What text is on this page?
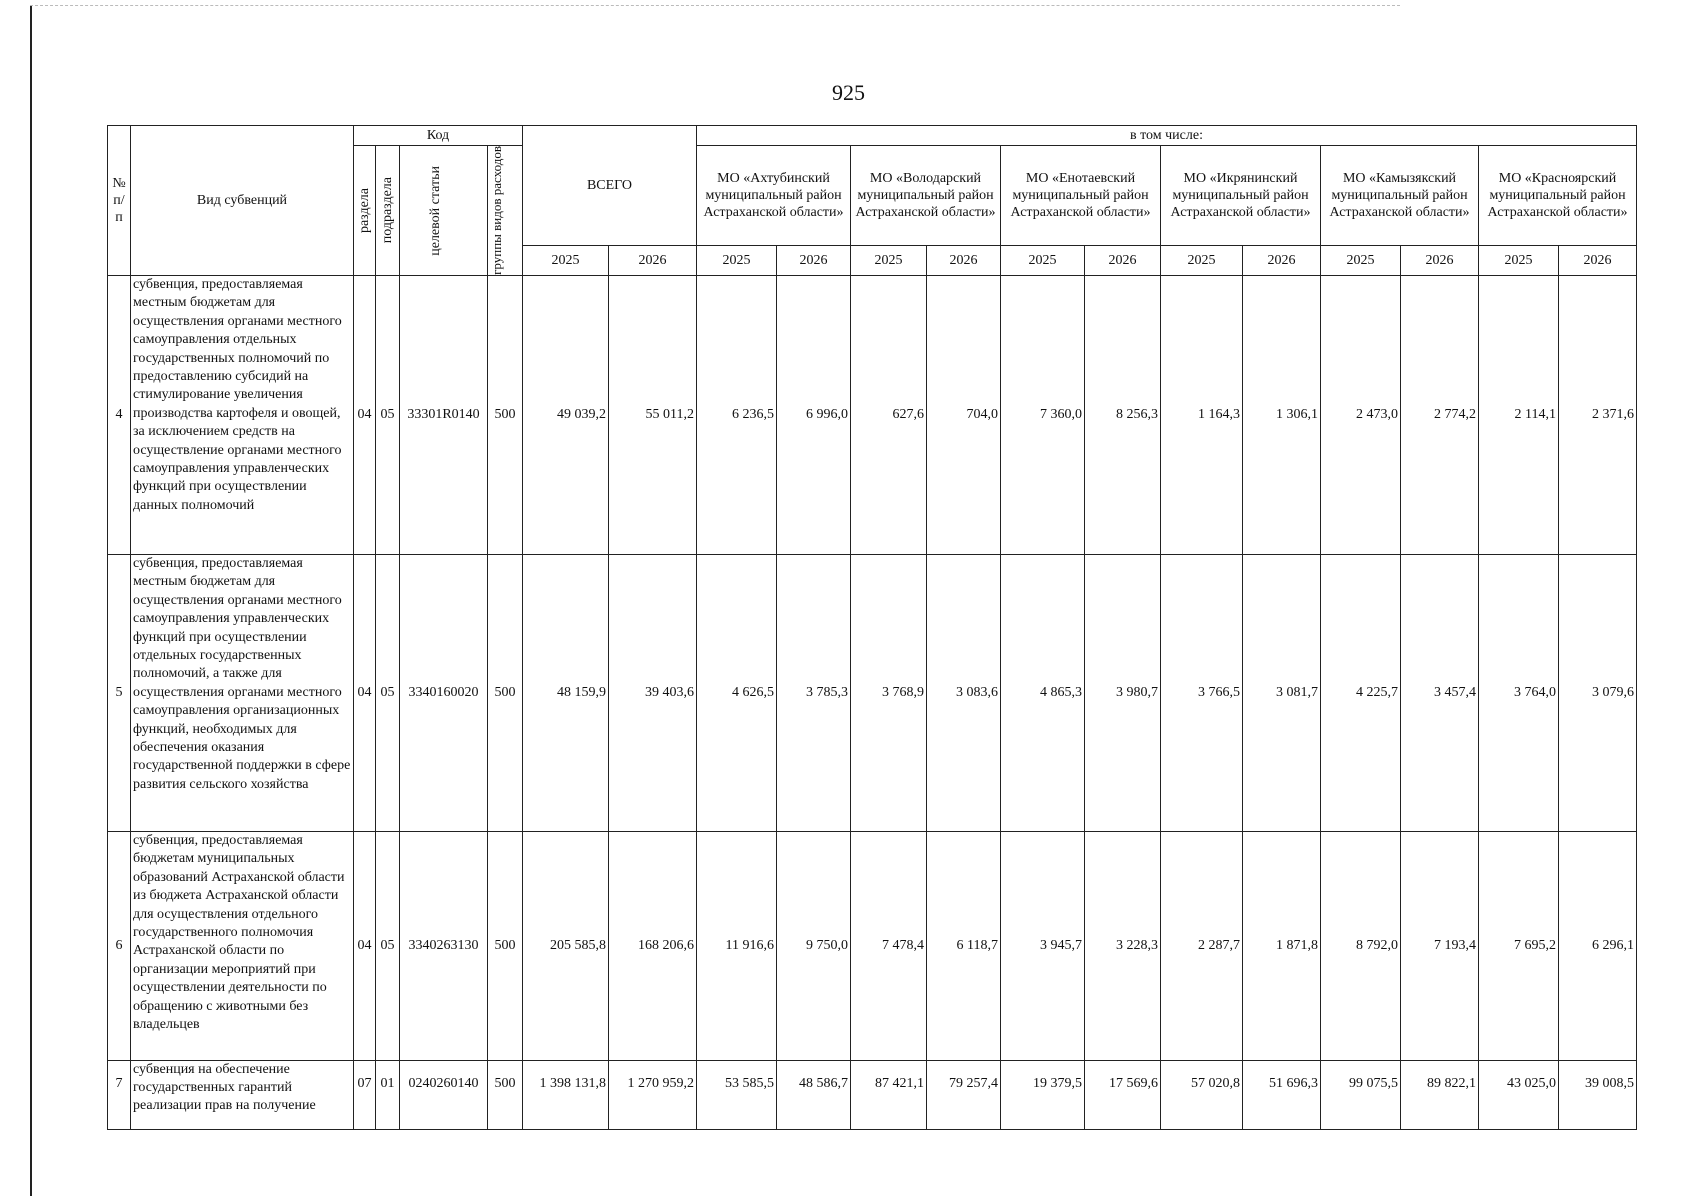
925
№ п/п	Вид субвенций	Код				ВСЕГО		в том числе:											

		раздела	подраздела	целевой статьи	группы видов расходов			МО «Ахтубинский муниципальный район Астраханской области»		МО «Володарский муниципальный район Астраханской области»		МО «Енотаевский муниципальный район Астраханской области»		МО «Икрянинский муниципальный район Астраханской области»		МО «Камызякский муниципальный район Астраханской области»		МО «Красноярский муниципальный район Астраханской области»	
						2025	2026	2025	2026	2025	2026	2025	2026	2025	2026	2025	2026	2025	2026
4	субвенция, предоставляемая местным бюджетам для осуществления органами местного самоуправления отдельных государственных полномочий по предоставлению субсидий на стимулирование увеличения производства картофеля и овощей, за исключением средств на осуществление органами местного самоуправления управленческих функций при осуществлении данных полномочий	04	05	33301R0140	500	49 039,2	55 011,2	6 236,5	6 996,0	627,6	704,0	7 360,0	8 256,3	1 164,3	1 306,1	2 473,0	2 774,2	2 114,1	2 371,6
5	субвенция, предоставляемая местным бюджетам для осуществления органами местного самоуправления управленческих функций при осуществлении отдельных государственных полномочий, а также для осуществления органами местного самоуправления организационных функций, необходимых для обеспечения оказания государственной поддержки в сфере развития сельского хозяйства	04	05	3340160020	500	48 159,9	39 403,6	4 626,5	3 785,3	3 768,9	3 083,6	4 865,3	3 980,7	3 766,5	3 081,7	4 225,7	3 457,4	3 764,0	3 079,6
6	субвенция, предоставляемая бюджетам муниципальных образований Астраханской области из бюджета Астраханской области для осуществления отдельного государственного полномочия Астраханской области по организации мероприятий при осуществлении деятельности по обращению с животными без владельцев	04	05	3340263130	500	205 585,8	168 206,6	11 916,6	9 750,0	7 478,4	6 118,7	3 945,7	3 228,3	2 287,7	1 871,8	8 792,0	7 193,4	7 695,2	6 296,1
7	субвенция на обеспечение государственных гарантий реализации прав на получение	07	01	0240260140	500	1 398 131,8	1 270 959,2	53 585,5	48 586,7	87 421,1	79 257,4	19 379,5	17 569,6	57 020,8	51 696,3	99 075,5	89 822,1	43 025,0	39 008,5
